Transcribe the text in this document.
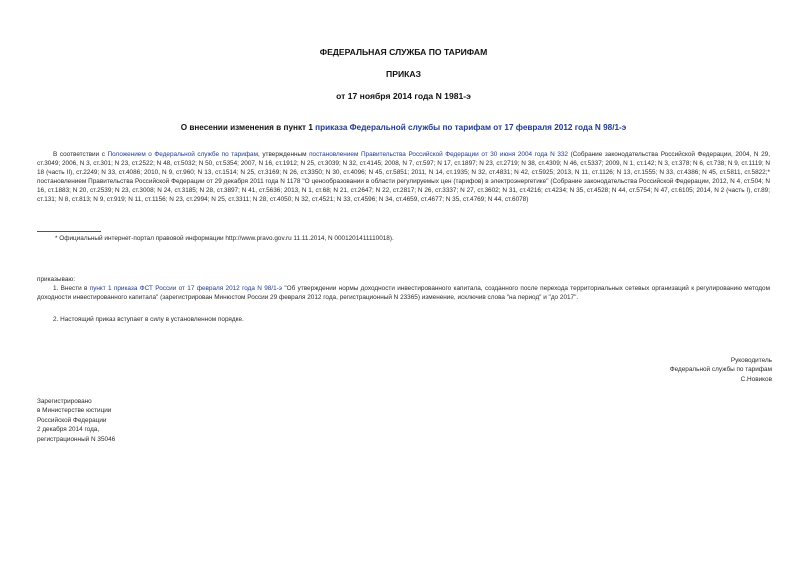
ФЕДЕРАЛЬНАЯ СЛУЖБА ПО ТАРИФАМ
ПРИКАЗ
от 17 ноября 2014 года N 1981-э
О внесении изменения в пункт 1 приказа Федеральной службы по тарифам от 17 февраля 2012 года N 98/1-э
В соответствии с Положением о Федеральной службе по тарифам, утвержденным постановлением Правительства Российской Федерации от 30 июня 2004 года N 332 (Собрание законодательства Российской Федерации, 2004, N 29, ст.3049; 2006, N 3, ст.301; N 23, ст.2522; N 48, ст.5032; N 50, ст.5354; 2007, N 16, ст.1912; N 25, ст.3039; N 32, ст.4145; 2008, N 7, ст.597; N 17, ст.1897; N 23, ст.2719; N 38, ст.4309; N 46, ст.5337; 2009, N 1, ст.142; N 3, ст.378; N 6, ст.738; N 9, ст.1119; N 18 (часть II), ст.2249; N 33, ст.4086; 2010, N 9, ст.960; N 13, ст.1514; N 25, ст.3169; N 26, ст.3350; N 30, ст.4096; N 45, ст.5851; 2011, N 14, ст.1935; N 32, ст.4831; N 42, ст.5925; 2013, N 11, ст.1126; N 13, ст.1555; N 33, ст.4386; N 45, ст.5811, ст.5822;* постановлением Правительства Российской Федерации от 29 декабря 2011 года N 1178 "О ценообразовании в области регулируемых цен (тарифов) в электроэнергетике" (Собрание законодательства Российской Федерации, 2012, N 4, ст.504; N 16, ст.1883; N 20, ст.2539; N 23, ст.3008; N 24, ст.3185; N 28, ст.3897; N 41, ст.5636; 2013, N 1, ст.68; N 21, ст.2647; N 22, ст.2817; N 26, ст.3337; N 27, ст.3602; N 31, ст.4216; ст.4234; N 35, ст.4528; N 44, ст.5754; N 47, ст.6105; 2014, N 2 (часть I), ст.89; ст.131; N 8, ст.813; N 9, ст.919; N 11, ст.1156; N 23, ст.2994; N 25, ст.3311; N 28, ст.4050; N 32, ст.4521; N 33, ст.4596; N 34, ст.4659, ст.4677; N 35, ст.4769; N 44, ст.6078)
* Официальный интернет-портал правовой информации http://www.pravo.gov.ru 11.11.2014, N 0001201411110018).
приказываю:
1. Внести в пункт 1 приказа ФСТ России от 17 февраля 2012 года N 98/1-э "Об утверждении нормы доходности инвестированного капитала, созданного после перехода территориальных сетевых организаций к регулированию методом доходности инвестированного капитала" (зарегистрирован Минюстом России 29 февраля 2012 года, регистрационный N 23365) изменение, исключив слова "на период" и "до 2017".
2. Настоящий приказ вступает в силу в установленном порядке.
Руководитель
Федеральной службы по тарифам
С.Новиков
Зарегистрировано
в Министерстве юстиции
Российской Федерации
2 декабря 2014 года,
регистрационный N 35046
